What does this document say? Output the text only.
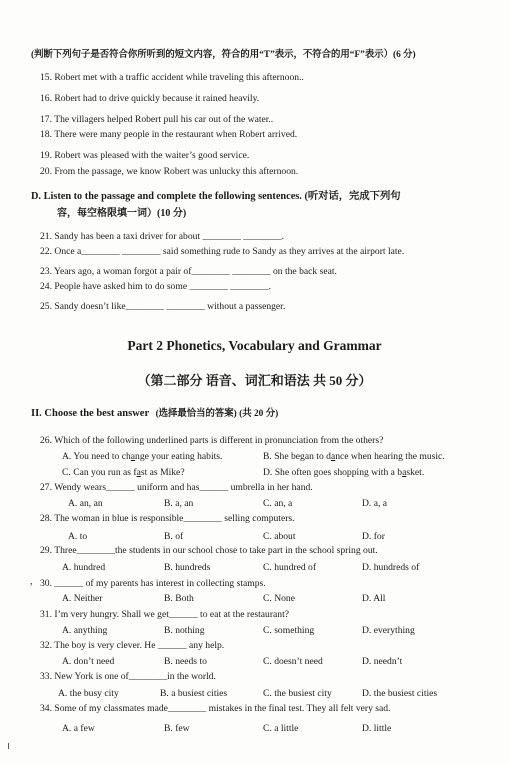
(判断下列句子是否符合你所听到的短文内容，符合的用“T”表示，不符合的用“F”表示）(6 分)
15. Robert met with a traffic accident while traveling this afternoon..
16. Robert had to drive quickly because it rained heavily.
17. The villagers helped Robert pull his car out of the water..
18. There were many people in the restaurant when Robert arrived.
19. Robert was pleased with the waiter’s good service.
20. From the passage, we know Robert was unlucky this afternoon.
D. Listen to the passage and complete the following sentences. (听对话，完成下列句
容，每空格限填一词）(10 分)
21. Sandy has been a taxi driver for about ________ ________.
22. Once a________ ________ said something rude to Sandy as they arrives at the airport late.
23. Years ago, a woman forgot a pair of________ ________ on the back seat.
24. People have asked him to do some ________ ________.
25. Sandy doesn’t like________ ________ without a passenger.
Part 2 Phonetics, Vocabulary and Grammar
（第二部分 语音、词汇和语法 共 50 分）
II. Choose the best answer (选择最恰当的答案) (共 20 分)
26. Which of the following underlined parts is different in pronunciation from the others?
A. You need to change your eating habits.	B. She began to dance when hearing the music.
C. Can you run as fast as Mike?	D. She often goes shopping with a basket.
27. Wendy wears______ uniform and has______ umbrella in her hand.
A. an, an	B. a, an	C. an, a	D. a, a
28. The woman in blue is responsible________ selling computers.
A. to	B. of	C. about	D. for
29. Three________the students in our school chose to take part in the school spring out.
A. hundred	B. hundreds	C. hundred of	D. hundreds of
, 30. ______ of my parents has interest in collecting stamps.
A. Neither	B. Both	C. None	D. All
31. I’m very hungry. Shall we get______ to eat at the restaurant?
A. anything	B. nothing	C. something	D. everything
32. The boy is very clever. He ______ any help.
A. don’t need	B. needs to	C. doesn’t need	D. needn’t
33. New York is one of________in the world.
A. the busy city	B. a busiest cities	C. the busiest city	D. the busiest cities
34. Some of my classmates made________ mistakes in the final test. They all felt very sad.
A. a few	B. few	C. a little	D. little
